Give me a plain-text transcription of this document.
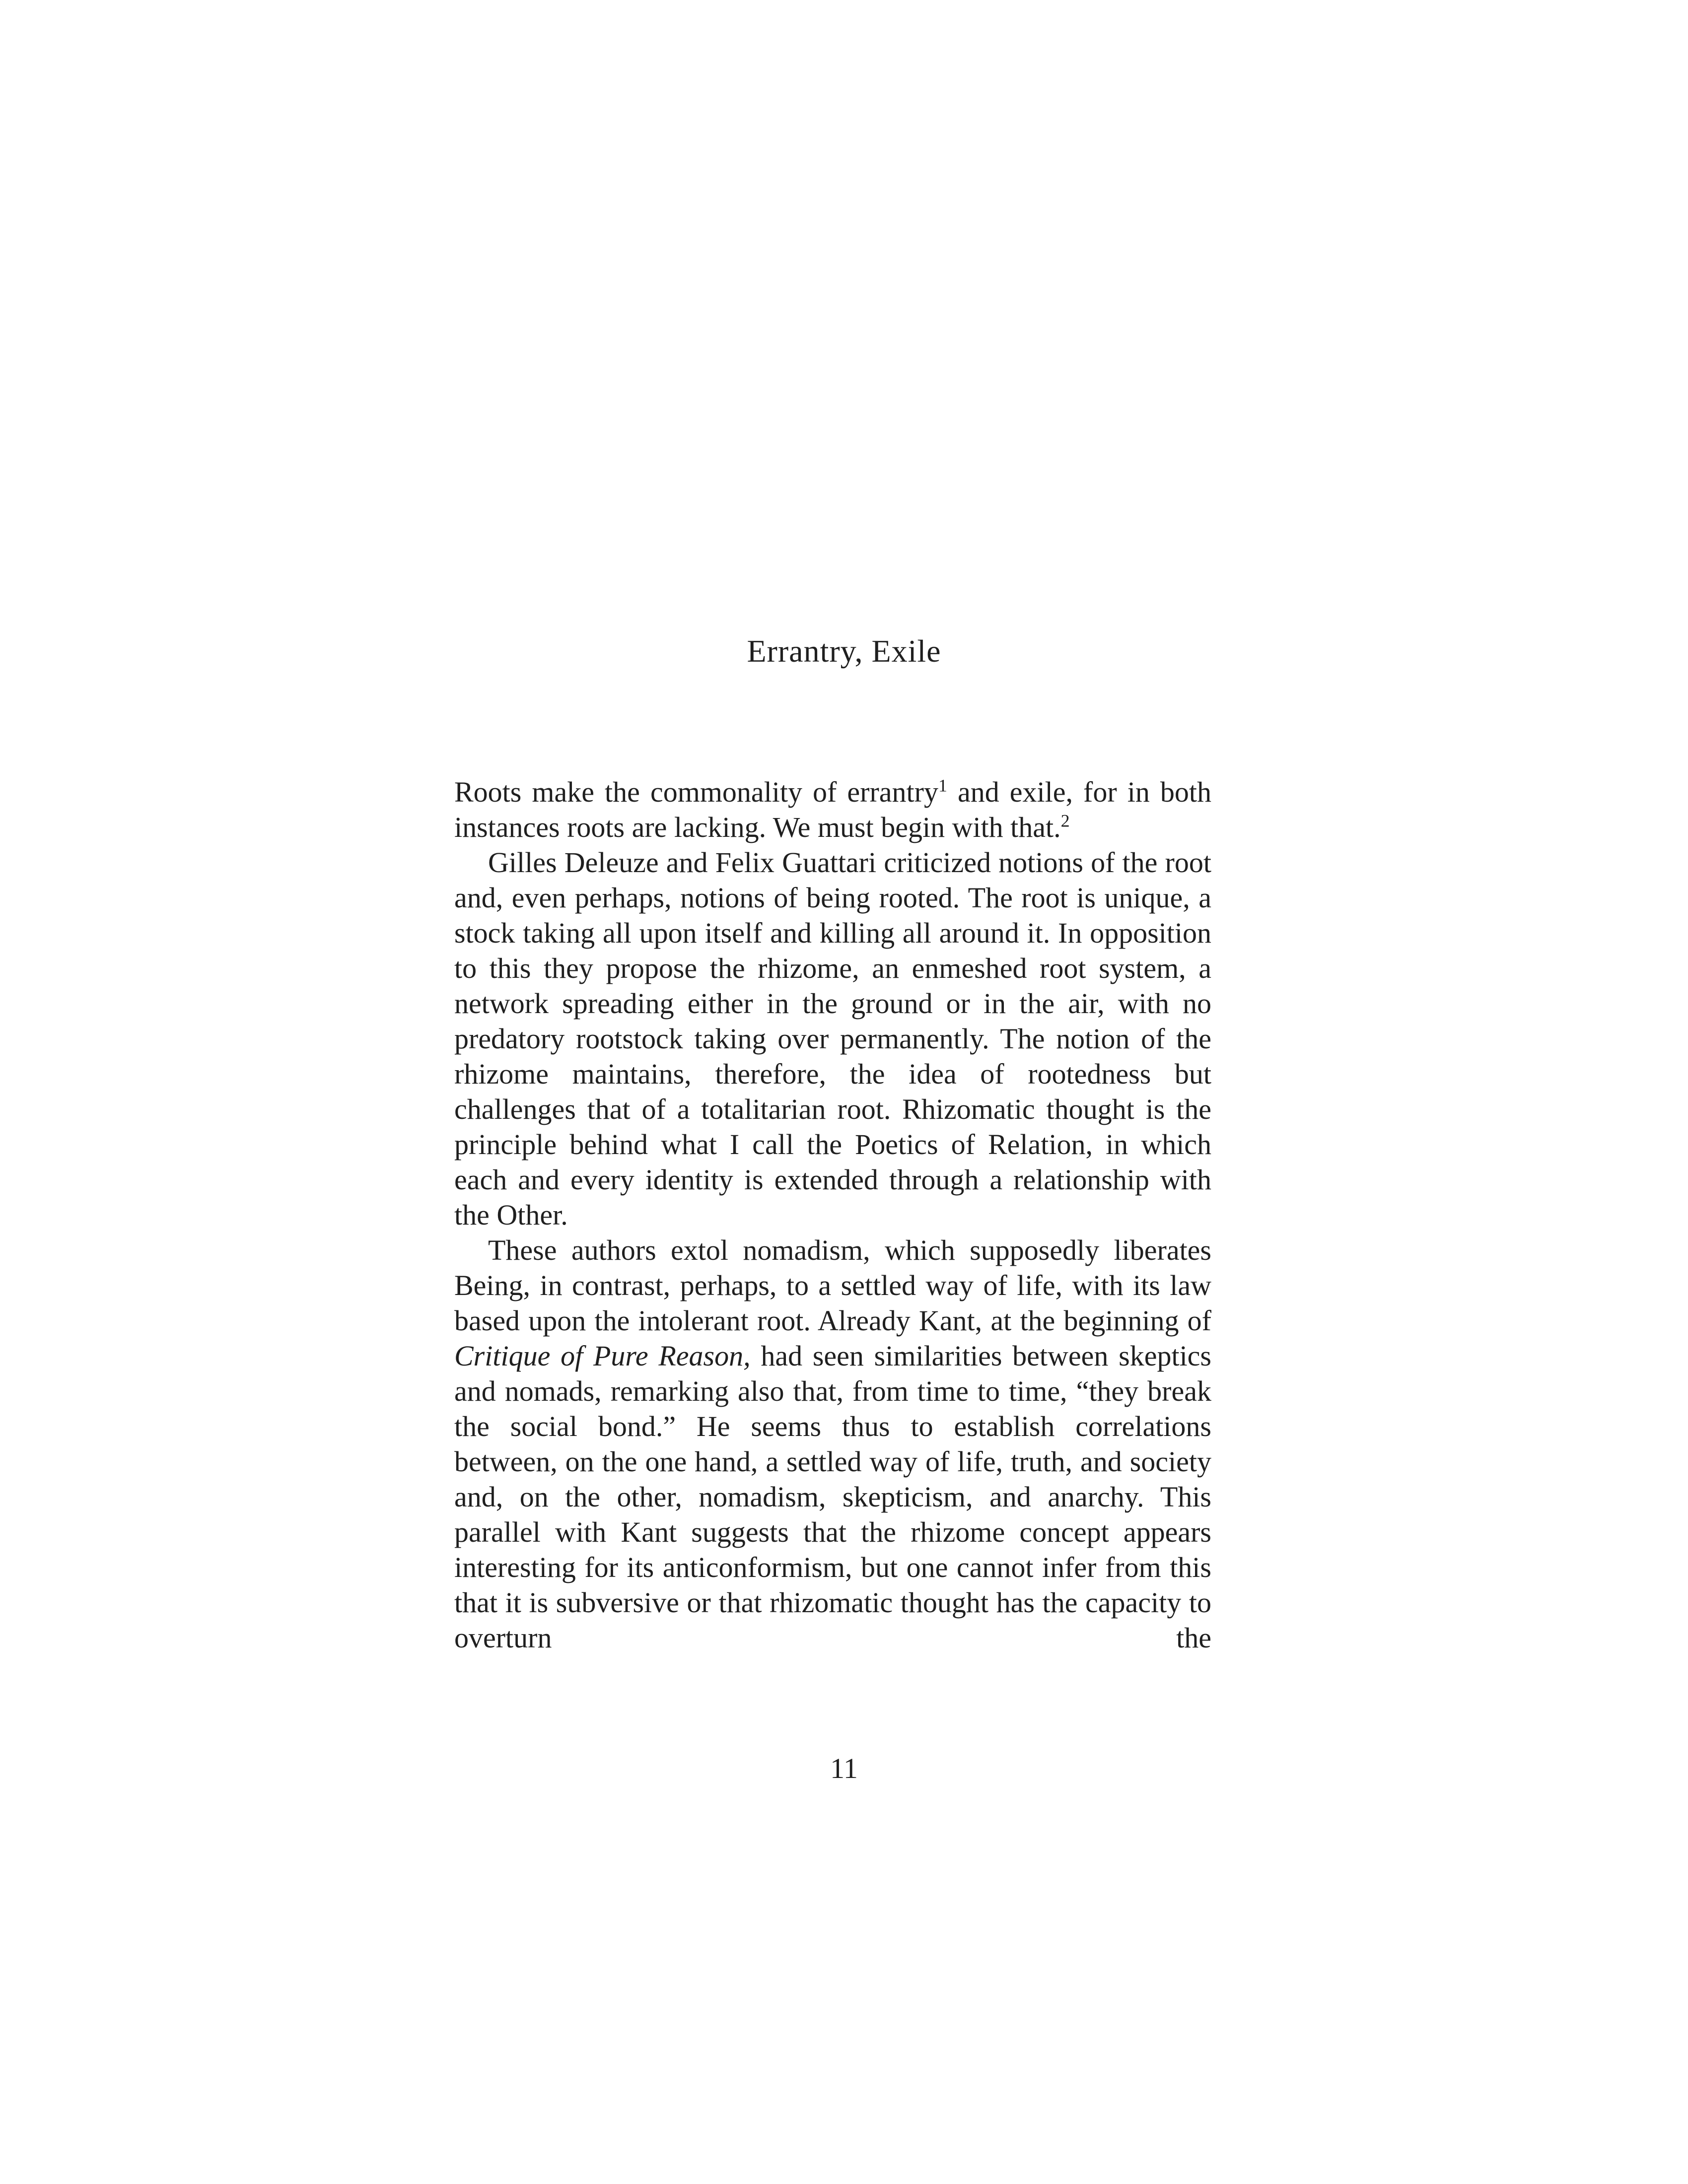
Errantry, Exile

Roots make the commonality of errantry$^1$ and exile, for in both instances roots are lacking. We must begin with that.$^2$

Gilles Deleuze and Felix Guattari criticized notions of the root and, even perhaps, notions of being rooted. The root is unique, a stock taking all upon itself and killing all around it. In opposition to this they propose the rhizome, an enmeshed root system, a network spreading either in the ground or in the air, with no predatory rootstock taking over permanently. The notion of the rhizome maintains, therefore, the idea of rootedness but challenges that of a totalitarian root. Rhizomatic thought is the principle behind what I call the Poetics of Relation, in which each and every identity is extended through a relationship with the Other.

These authors extol nomadism, which supposedly liberates Being, in contrast, perhaps, to a settled way of life, with its law based upon the intolerant root. Already Kant, at the beginning of Critique of Pure Reason, had seen similarities between skeptics and nomads, remarking also that, from time to time, “they break the social bond.” He seems thus to establish correlations between, on the one hand, a settled way of life, truth, and society and, on the other, nomadism, skepticism, and anarchy. This parallel with Kant suggests that the rhizome concept appears interesting for its anticonformism, but one cannot infer from this that it is subversive or that rhizomatic thought has the capacity to overturn the

11
